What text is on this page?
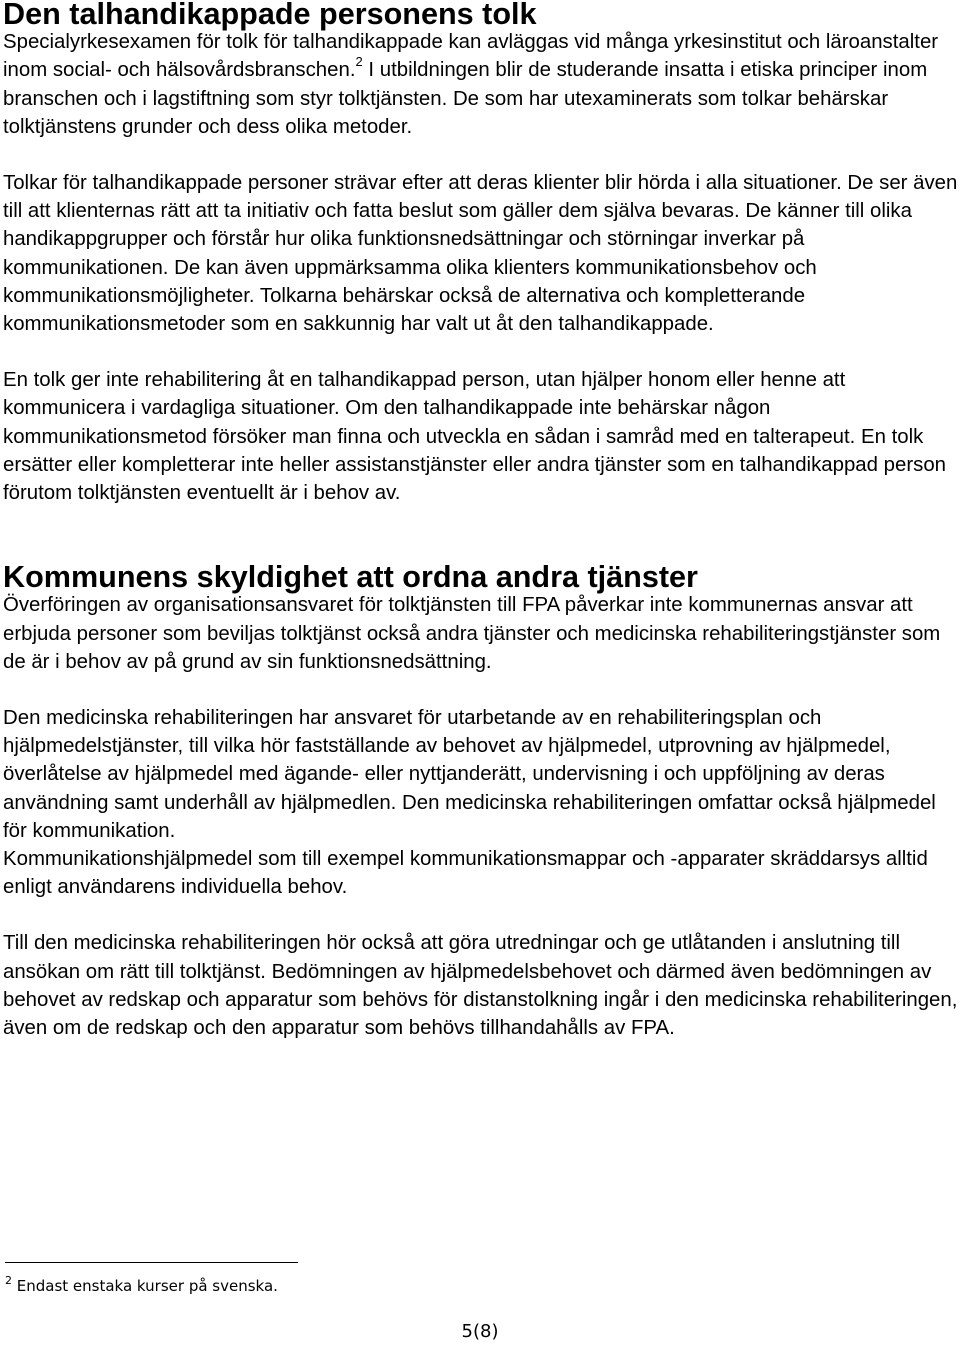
Den talhandikappade personens tolk

Specialyrkesexamen för tolk för talhandikappade kan avläggas vid många yrkesinstitut och läroanstalter inom social- och hälsovårdsbranschen.$^2$ I utbildningen blir de studerande insatta i etiska principer inom branschen och i lagstiftning som styr tolktjänsten. De som har utexaminerats som tolkar behärskar tolktjänstens grunder och dess olika metoder.

Tolkar för talhandikappade personer strävar efter att deras klienter blir hörda i alla situationer. De ser även till att klienternas rätt att ta initiativ och fatta beslut som gäller dem själva bevaras. De känner till olika handikappgrupper och förstår hur olika funktionsnedsättningar och störningar inverkar på kommunikationen. De kan även uppmärksamma olika klienters kommunikationsbehov och kommunikationsmöjligheter. Tolkarna behärskar också de alternativa och kompletterande kommunikationsmetoder som en sakkunnig har valt ut åt den talhandikappade.

En tolk ger inte rehabilitering åt en talhandikappad person, utan hjälper honom eller henne att kommunicera i vardagliga situationer. Om den talhandikappade inte behärskar någon kommunikationsmetod försöker man finna och utveckla en sådan i samråd med en talterapeut. En tolk ersätter eller kompletterar inte heller assistanstjänster eller andra tjänster som en talhandikappad person förutom tolktjänsten eventuellt är i behov av.

Kommunens skyldighet att ordna andra tjänster

Överföringen av organisationsansvaret för tolktjänsten till FPA påverkar inte kommunernas ansvar att erbjuda personer som beviljas tolktjänst också andra tjänster och medicinska rehabiliteringstjänster som de är i behov av på grund av sin funktionsnedsättning.

Den medicinska rehabiliteringen har ansvaret för utarbetande av en rehabiliteringsplan och hjälpmedelstjänster, till vilka hör fastställande av behovet av hjälpmedel, utprovning av hjälpmedel, överlåtelse av hjälpmedel med ägande- eller nyttjanderätt, undervisning i och uppföljning av deras användning samt underhåll av hjälpmedlen. Den medicinska rehabiliteringen omfattar också hjälpmedel för kommunikation.
Kommunikationshjälpmedel som till exempel kommunikationsmappar och -apparater skräddarsys alltid enligt användarens individuella behov.

Till den medicinska rehabiliteringen hör också att göra utredningar och ge utlåtanden i anslutning till ansökan om rätt till tolktjänst. Bedömningen av hjälpmedelsbehovet och därmed även bedömningen av behovet av redskap och apparatur som behövs för distanstolkning ingår i den medicinska rehabiliteringen, även om de redskap och den apparatur som behövs tillhandahålls av FPA.

$^2$ Endast enstaka kurser på svenska.
5(8)
